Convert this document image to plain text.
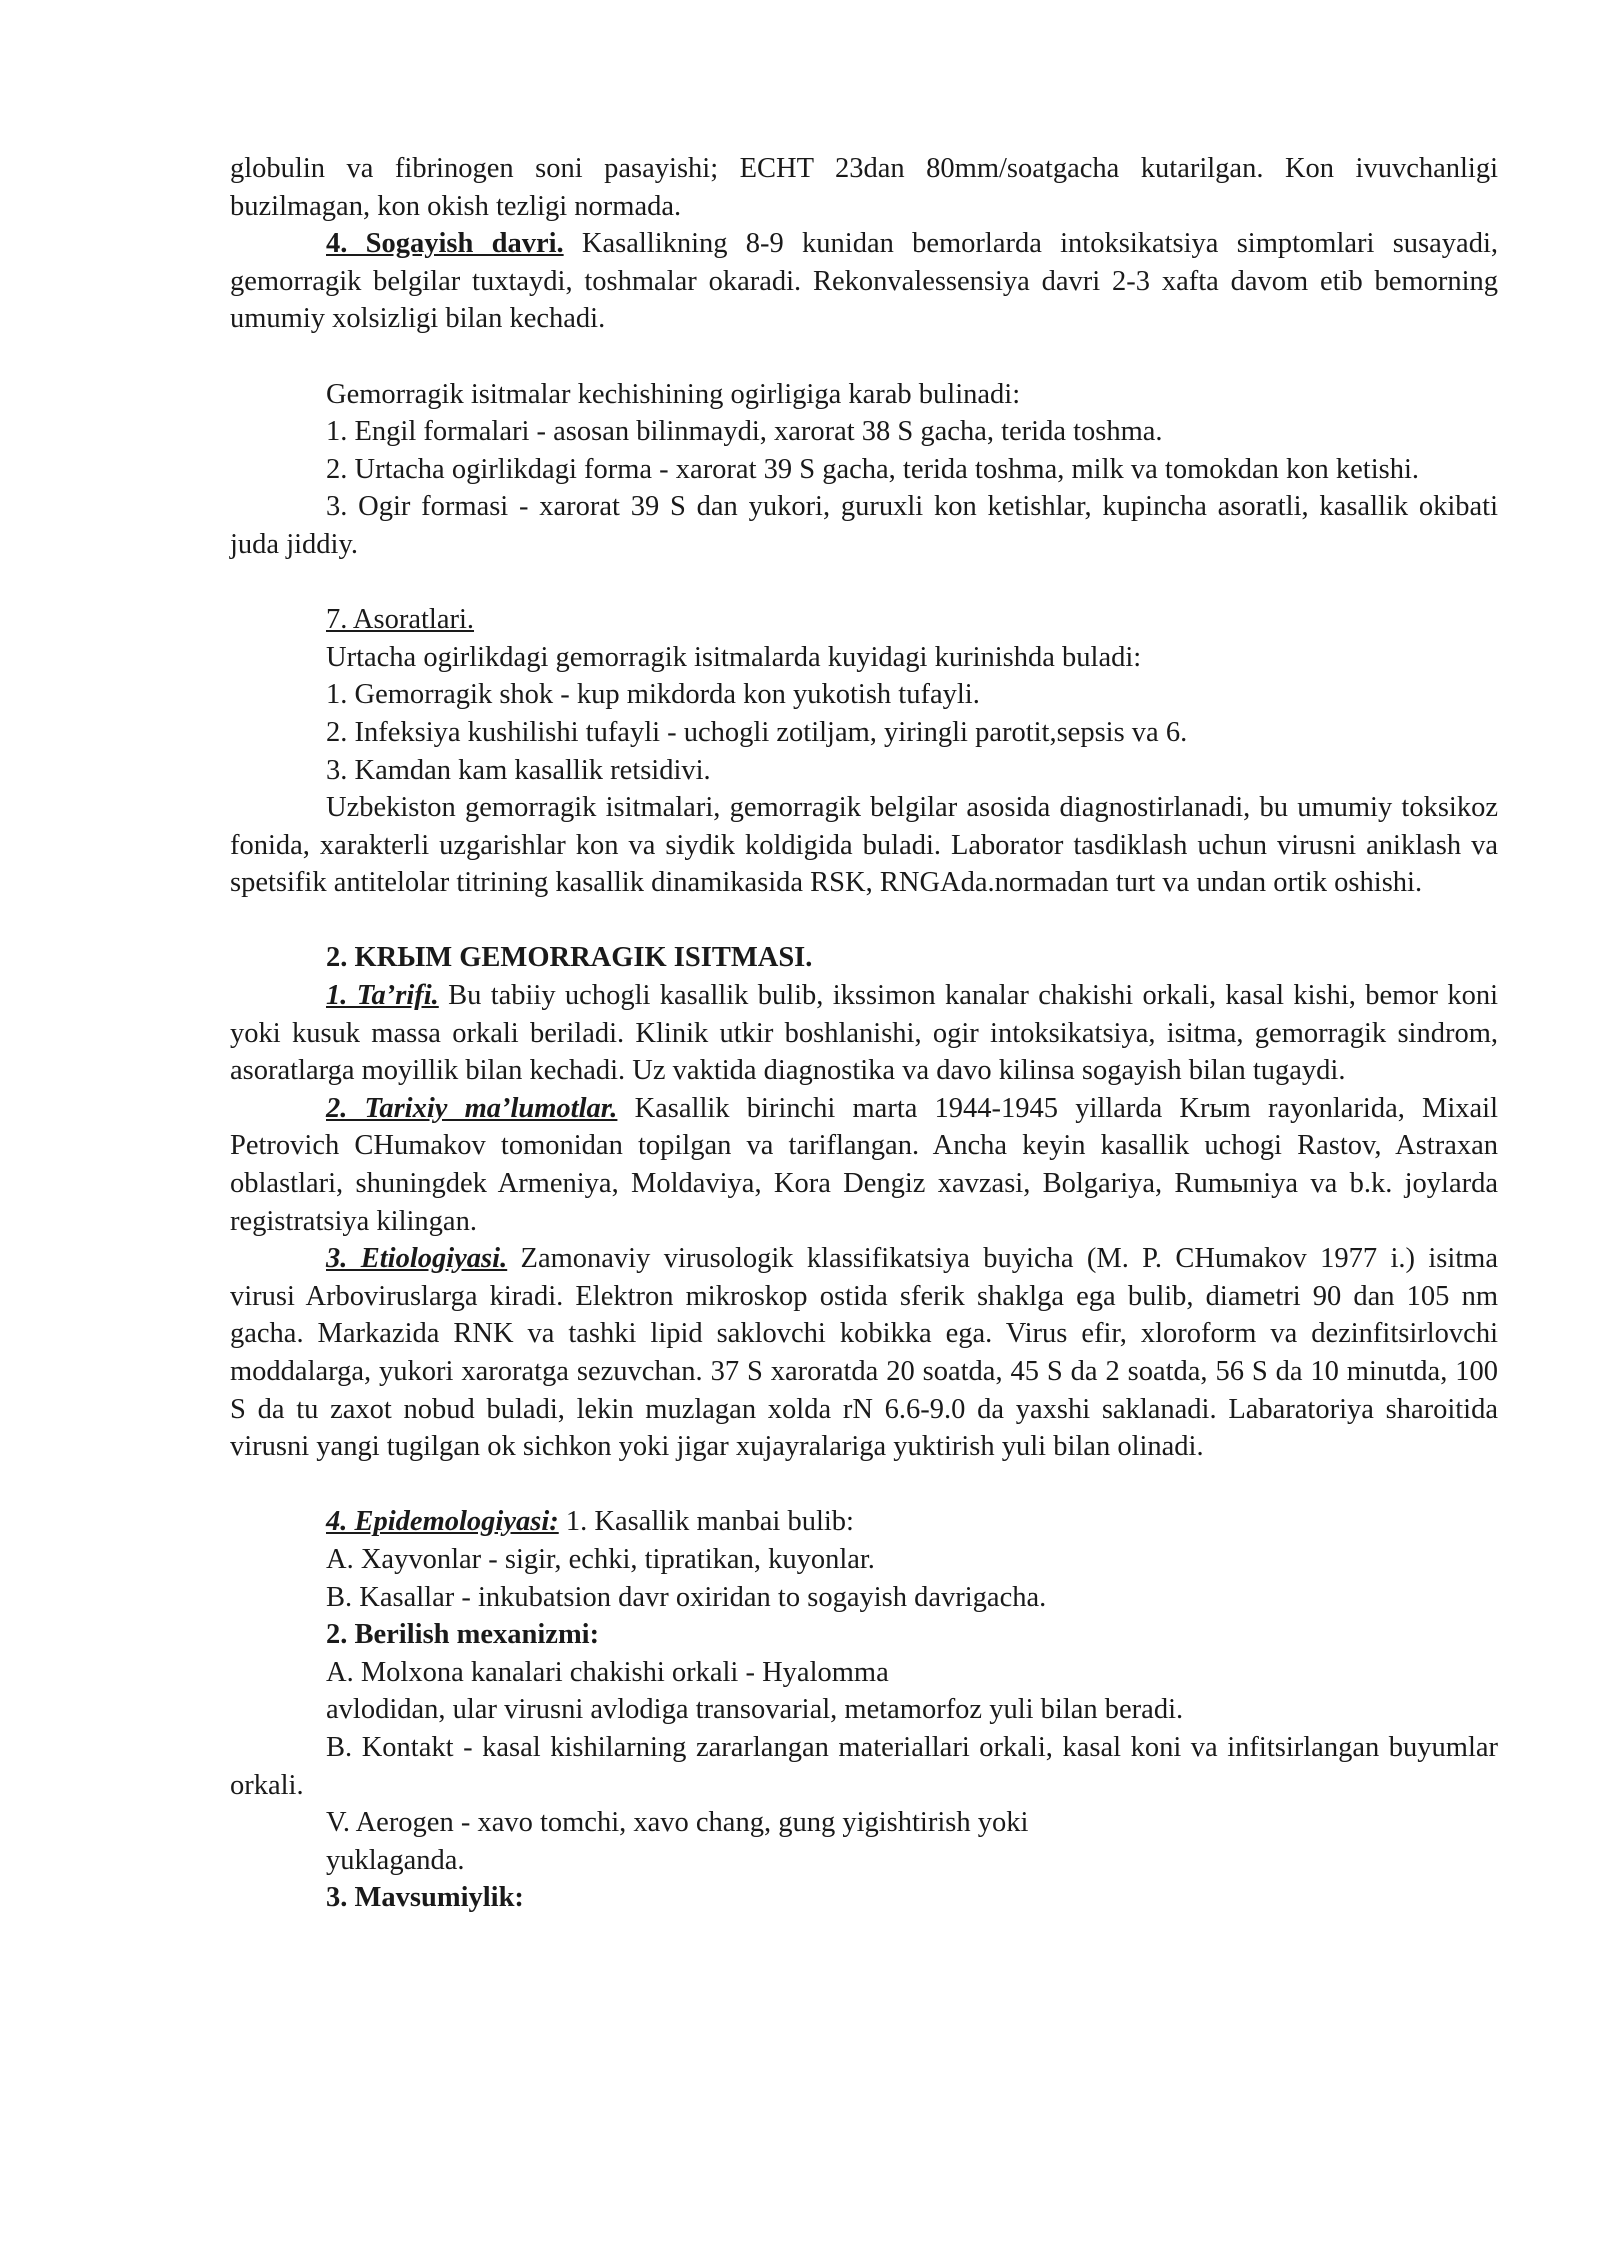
globulin va fibrinogen soni pasayishi; ECHT 23dan 80mm/soatgacha kutarilgan. Kon ivuvchanligi buzilmagan, kon okish tezligi normada.

4. Sogayish davri. Kasallikning 8-9 kunidan bemorlarda intoksikatsiya simptomlari susayadi, gemorragik belgilar tuxtaydi, toshmalar okaradi. Rekonvalessensiya davri 2-3 xafta davom etib bemorning umumiy xolsizligi bilan kechadi.

Gemorragik isitmalar kechishining ogirligiga karab bulinadi:

1. Engil formalari - asosan bilinmaydi, xarorat 38 S gacha, terida toshma.

2. Urtacha ogirlikdagi forma - xarorat 39 S gacha, terida toshma, milk va tomokdan kon ketishi.

3. Ogir formasi - xarorat 39 S dan yukori, guruxli kon ketishlar, kupincha asoratli, kasallik okibati juda jiddiy.

7. Asoratlari.

Urtacha ogirlikdagi gemorragik isitmalarda kuyidagi kurinishda buladi:

1. Gemorragik shok - kup mikdorda kon yukotish tufayli.

2. Infeksiya kushilishi tufayli - uchogli zotiljam, yiringli parotit,sepsis va 6.

3. Kamdan kam kasallik retsidivi.

Uzbekiston gemorragik isitmalari, gemorragik belgilar asosida diagnostirlanadi, bu umumiy toksikoz fonida, xarakterli uzgarishlar kon va siydik koldigida buladi. Laborator tasdiklash uchun virusni aniklash va spetsifik antitelolar titrining kasallik dinamikasida RSK, RNGAda.normadan turt va undan ortik oshishi.

2. KRЫM GEMORRAGIK ISITMASI.

1. Ta’rifi. Bu tabiiy uchogli kasallik bulib, ikssimon kanalar chakishi orkali, kasal kishi, bemor koni yoki kusuk massa orkali beriladi. Klinik utkir boshlanishi, ogir intoksikatsiya, isitma, gemorragik sindrom, asoratlarga moyillik bilan kechadi. Uz vaktida diagnostika va davo kilinsa sogayish bilan tugaydi.

2. Tarixiy ma’lumotlar. Kasallik birinchi marta 1944-1945 yillarda Krыm rayonlarida, Mixail Petrovich CHumakov tomonidan topilgan va tariflangan. Ancha keyin kasallik uchogi Rastov, Astraxan oblastlari, shuningdek Armeniya, Moldaviya, Kora Dengiz xavzasi, Bolgariya, Rumыniya va b.k. joylarda registratsiya kilingan.

3. Etiologiyasi. Zamonaviy virusologik klassifikatsiya buyicha (M. P. CHumakov 1977 i.) isitma virusi Arboviruslarga kiradi. Elektron mikroskop ostida sferik shaklga ega bulib, diametri 90 dan 105 nm gacha. Markazida RNK va tashki lipid saklovchi kobikka ega. Virus efir, xloroform va dezinfitsirlovchi moddalarga, yukori xaroratga sezuvchan. 37 S xaroratda 20 soatda, 45 S da 2 soatda, 56 S da 10 minutda, 100 S da tu zaxot nobud buladi, lekin muzlagan xolda rN 6.6-9.0 da yaxshi saklanadi. Labaratoriya sharoitida virusni yangi tugilgan ok sichkon yoki jigar xujayralariga yuktirish yuli bilan olinadi.

4. Epidemologiyasi: 1. Kasallik manbai bulib:

A. Xayvonlar - sigir, echki, tipratikan, kuyonlar.

B. Kasallar - inkubatsion davr oxiridan to sogayish davrigacha.

2. Berilish mexanizmi:

A. Molxona kanalari chakishi orkali - Hyalomma

avlodidan, ular virusni avlodiga transovarial, metamorfoz yuli bilan beradi.

B. Kontakt - kasal kishilarning zararlangan materiallari orkali, kasal koni va infitsirlangan buyumlar orkali.

V. Aerogen - xavo tomchi, xavo chang, gung yigishtirish yoki

yuklaganda.

3. Mavsumiylik:
